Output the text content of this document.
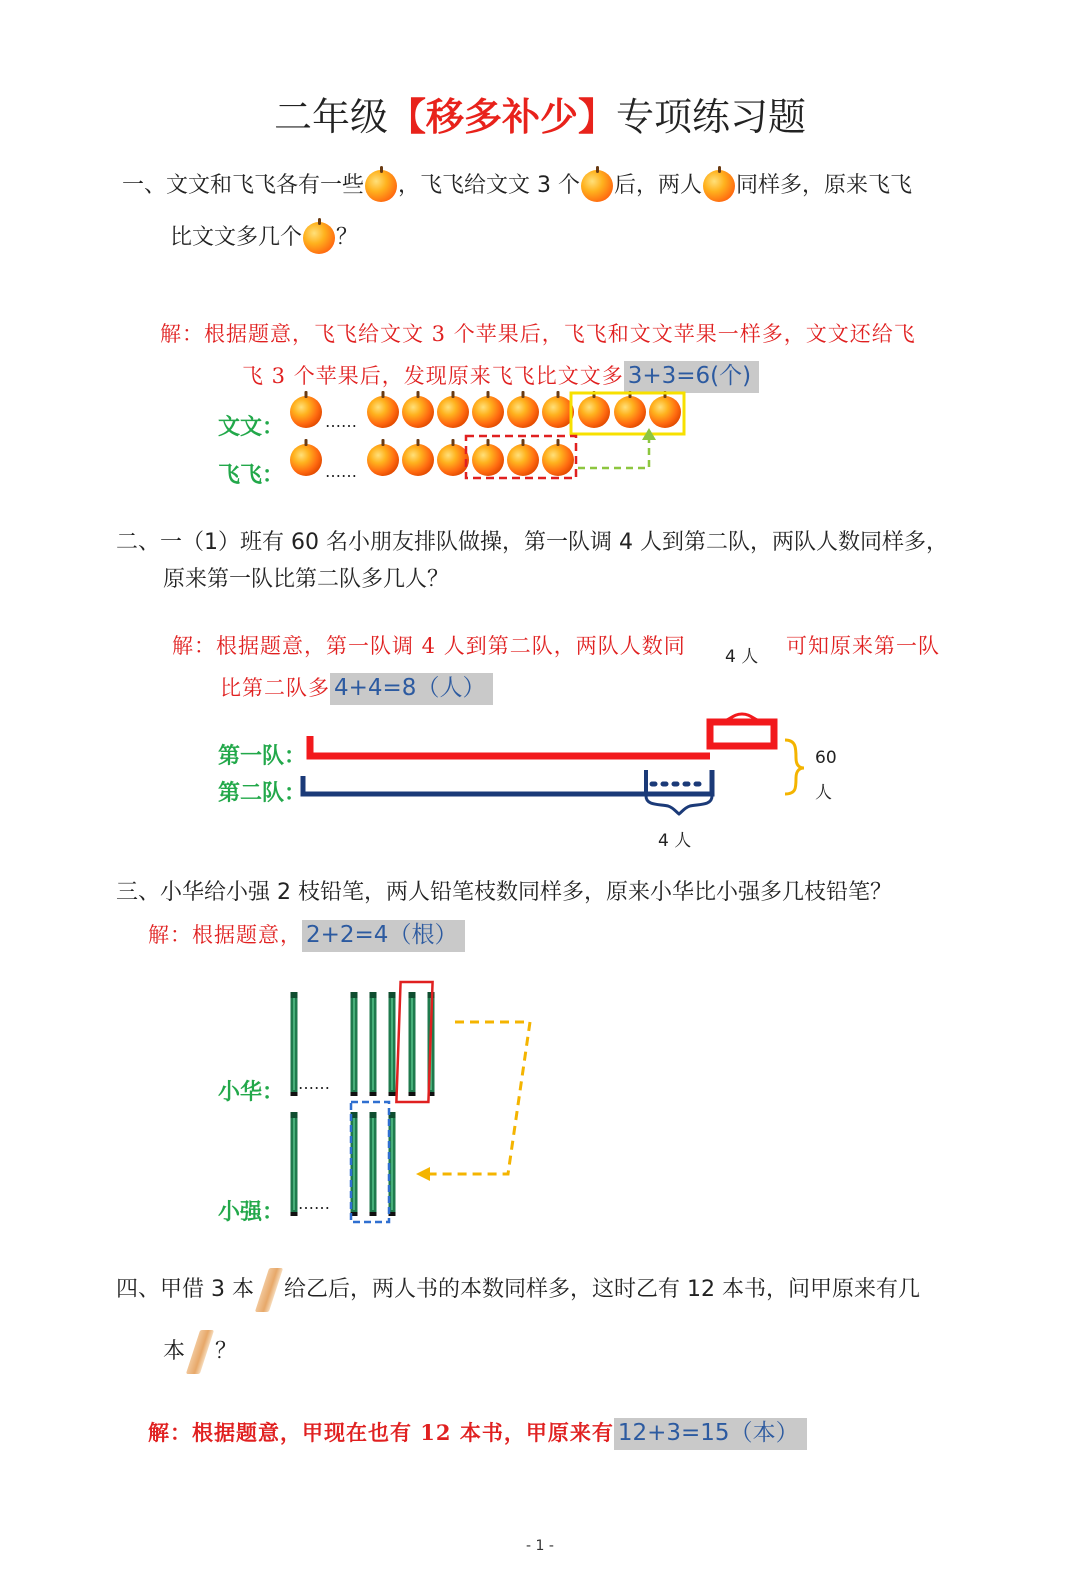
二年级【移多补少】专项练习题
一、文文和飞飞各有一些 ，飞飞给文文 3 个 后，两人 同样多，原来飞飞
比文文多几个 ？
解：根据题意，飞飞给文文 3 个苹果后，飞飞和文文苹果一样多，文文还给飞
飞 3 个苹果后，发现原来飞飞比文文多 3+3=6(个)
文文：
飞飞：
……
……
二、一（1）班有 60 名小朋友排队做操，第一队调 4 人到第二队，两队人数同样多，
原来第一队比第二队多几人？
解：根据题意，第一队调 4 人到第二队，两队人数同 4 人 可知原来第一队
比第二队多 4+4=8（人）
第一队：
第二队：
60
人
4 人
三、小华给小强 2 枝铅笔，两人铅笔枝数同样多，原来小华比小强多几枝铅笔？
解：根据题意， 2+2=4（根）
小华：
小强：
……
……
四、甲借 3 本 给乙后，两人书的本数同样多，这时乙有 12 本书，问甲原来有几
本 ？
解：根据题意，甲现在也有 12 本书，甲原来有 12+3=15（本）
- 1 -
